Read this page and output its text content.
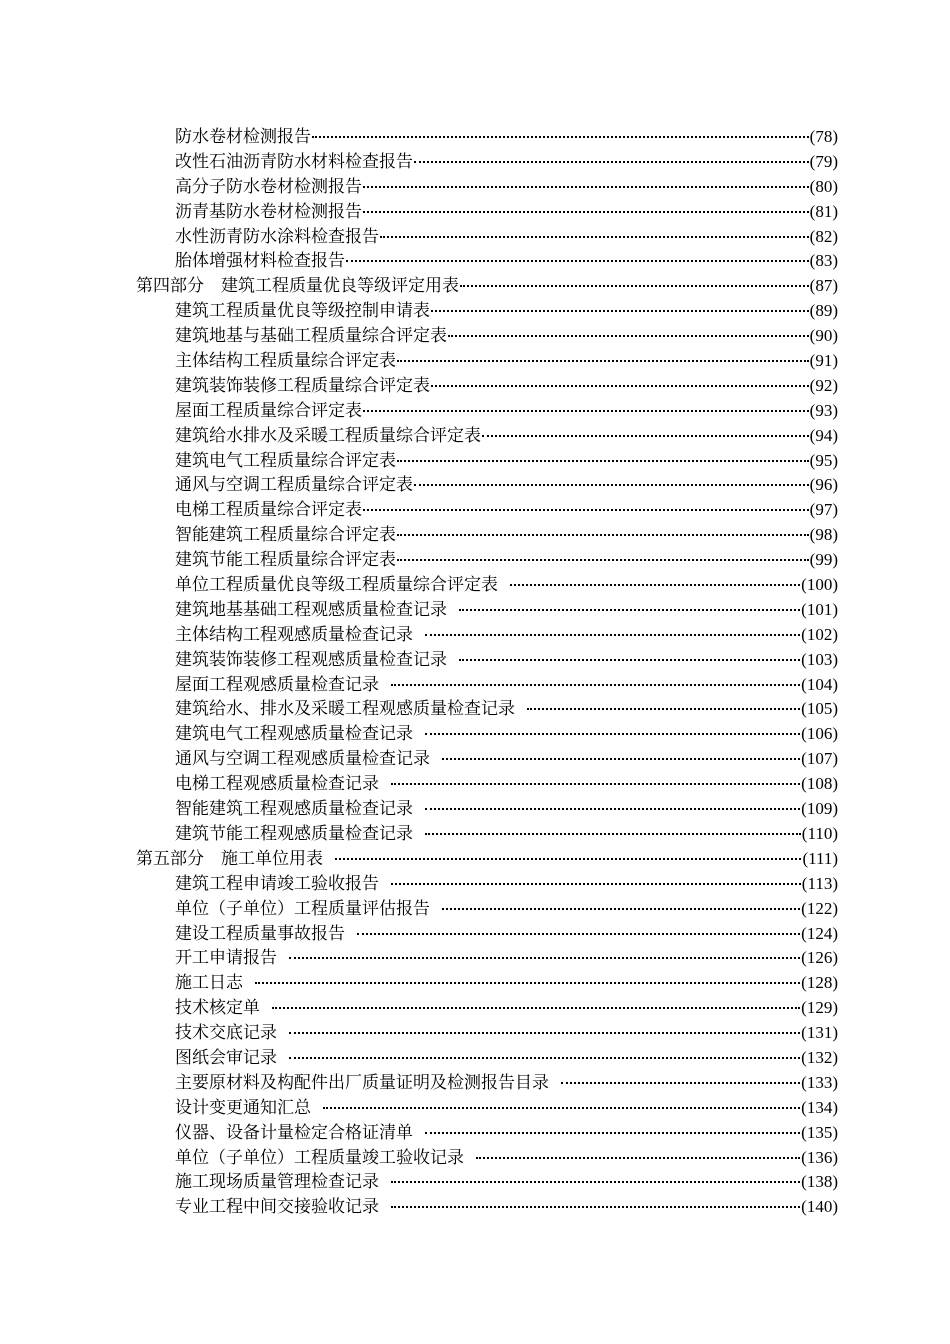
防水卷材检测报告	(78)
改性石油沥青防水材料检查报告	(79)
高分子防水卷材检测报告	(80)
沥青基防水卷材检测报告	(81)
水性沥青防水涂料检查报告	(82)
胎体增强材料检查报告	(83)
第四部分　建筑工程质量优良等级评定用表	(87)
建筑工程质量优良等级控制申请表	(89)
建筑地基与基础工程质量综合评定表	(90)
主体结构工程质量综合评定表	(91)
建筑装饰装修工程质量综合评定表	(92)
屋面工程质量综合评定表	(93)
建筑给水排水及采暖工程质量综合评定表	(94)
建筑电气工程质量综合评定表	(95)
通风与空调工程质量综合评定表	(96)
电梯工程质量综合评定表	(97)
智能建筑工程质量综合评定表	(98)
建筑节能工程质量综合评定表	(99)
单位工程质量优良等级工程质量综合评定表	(100)
建筑地基基础工程观感质量检查记录	(101)
主体结构工程观感质量检查记录	(102)
建筑装饰装修工程观感质量检查记录	(103)
屋面工程观感质量检查记录	(104)
建筑给水、排水及采暖工程观感质量检查记录	(105)
建筑电气工程观感质量检查记录	(106)
通风与空调工程观感质量检查记录	(107)
电梯工程观感质量检查记录	(108)
智能建筑工程观感质量检查记录	(109)
建筑节能工程观感质量检查记录	(110)
第五部分　施工单位用表	(111)
建筑工程申请竣工验收报告	(113)
单位（子单位）工程质量评估报告	(122)
建设工程质量事故报告	(124)
开工申请报告	(126)
施工日志	(128)
技术核定单	(129)
技术交底记录	(131)
图纸会审记录	(132)
主要原材料及构配件出厂质量证明及检测报告目录	(133)
设计变更通知汇总	(134)
仪器、设备计量检定合格证清单	(135)
单位（子单位）工程质量竣工验收记录	(136)
施工现场质量管理检查记录	(138)
专业工程中间交接验收记录	(140)
